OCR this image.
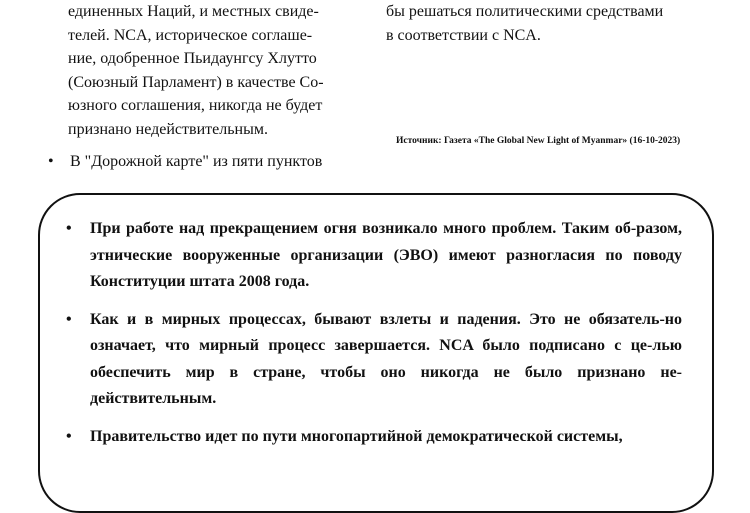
единенных Наций, и местных свиде-

телей. NCA, историческое соглаше-

ние, одобренное Пьидаунгсу Хлутто

(Союзный Парламент) в качестве Со-

юзного соглашения, никогда не будет

признано недействительным.

•	В "Дорожной карте" из пяти пунктов

бы решаться политическими средствами

в соответствии с NCA.

Источник: Газета «The Global New Light of Myanmar» (16-10-2023)
•	При работе над прекращением огня возникало много проблем. Таким об-разом, этнические вооруженные организации (ЭВО) имеют разногласия по поводу Конституции штата 2008 года.
•	Как и в мирных процессах, бывают взлеты и падения. Это не обязатель-но означает, что мирный процесс завершается. NCA было подписано с це-лью обеспечить мир в стране, чтобы оно никогда не было признано не-действительным.
•	Правительство идет по пути многопартийной демократической системы,
